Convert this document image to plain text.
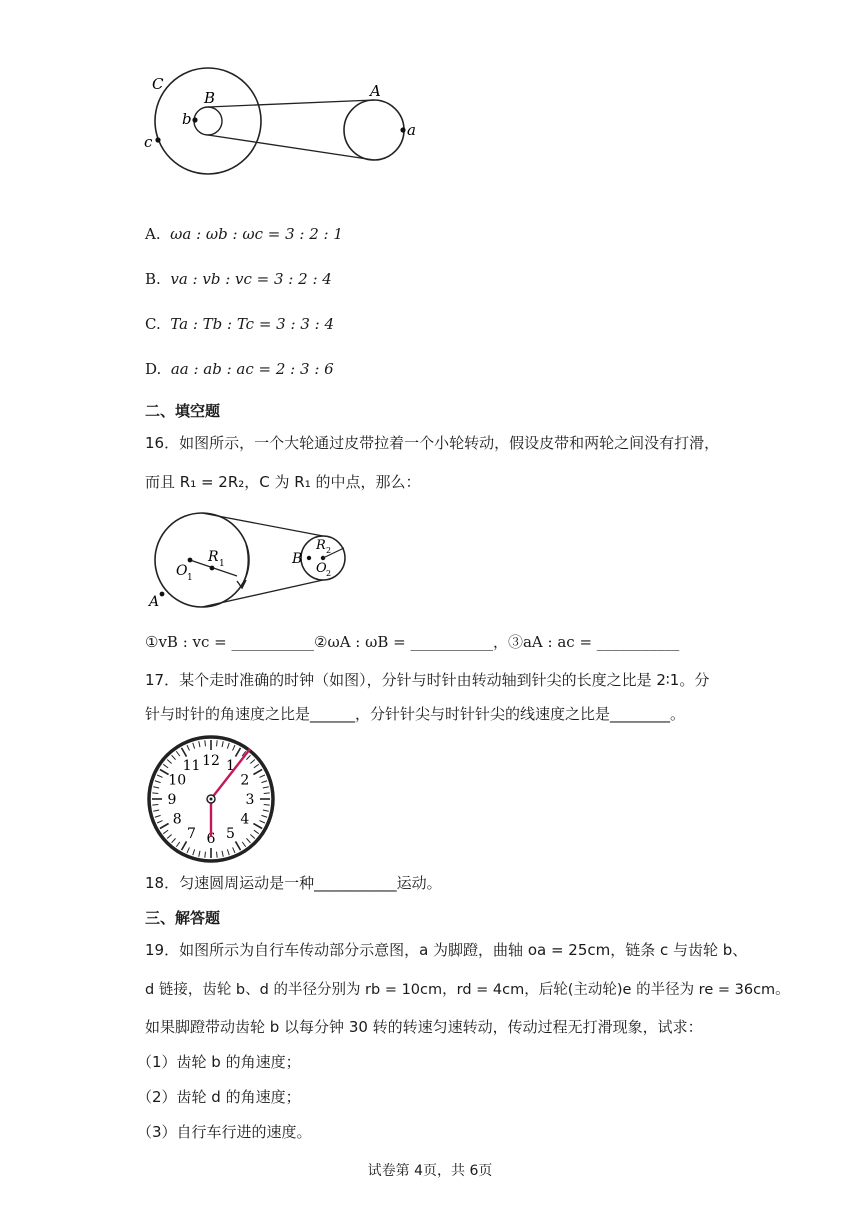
C
B
b
c
A
a
A. ωa : ωb : ωc = 3 : 2 : 1
B. va : vb : vc = 3 : 2 : 4
C. Ta : Tb : Tc = 3 : 3 : 4
D. aa : ab : ac = 2 : 3 : 6
二、填空题
16．如图所示，一个大轮通过皮带拉着一个小轮转动，假设皮带和两轮之间没有打滑，
而且 R₁ = 2R₂，C 为 R₁ 的中点，那么：
O 1
R 1
A
B
R 2
O 2
①vB : vc = ___________②ωA : ωB = ___________，③aA : ac = ___________
17．某个走时准确的时钟（如图），分针与时针由转动轴到针尖的长度之比是 2∶1。分
针与时针的角速度之比是______，分针针尖与时针针尖的线速度之比是________。
12 1
2
3
4
5
6
7
8
9
10
11
18．匀速圆周运动是一种___________运动。
三、解答题
19．如图所示为自行车传动部分示意图，a 为脚蹬，曲轴 oa = 25cm，链条 c 与齿轮 b、
d 链接，齿轮 b、d 的半径分别为 rb = 10cm，rd = 4cm，后轮(主动轮)e 的半径为 re = 36cm。
如果脚蹬带动齿轮 b 以每分钟 30 转的转速匀速转动，传动过程无打滑现象，试求：
（1）齿轮 b 的角速度；
（2）齿轮 d 的角速度；
（3）自行车行进的速度。
试卷第 4页，共 6页
